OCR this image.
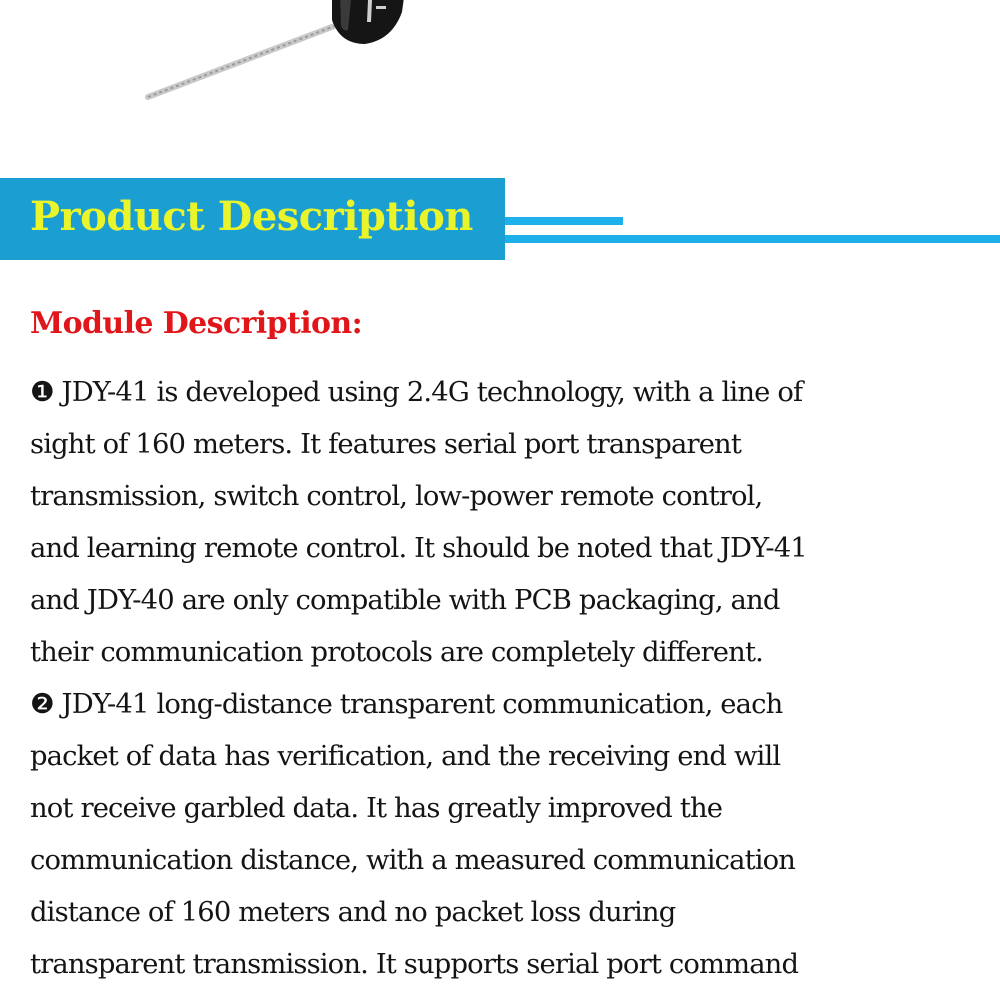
Product Description
Module Description:
❶ JDY-41 is developed using 2.4G technology, with a line of
sight of 160 meters. It features serial port transparent
transmission, switch control, low-power remote control,
and learning remote control. It should be noted that JDY-41
and JDY-40 are only compatible with PCB packaging, and
their communication protocols are completely different.
❷ JDY-41 long-distance transparent communication, each
packet of data has verification, and the receiving end will
not receive garbled data. It has greatly improved the
communication distance, with a measured communication
distance of 160 meters and no packet loss during
transparent transmission. It supports serial port command
